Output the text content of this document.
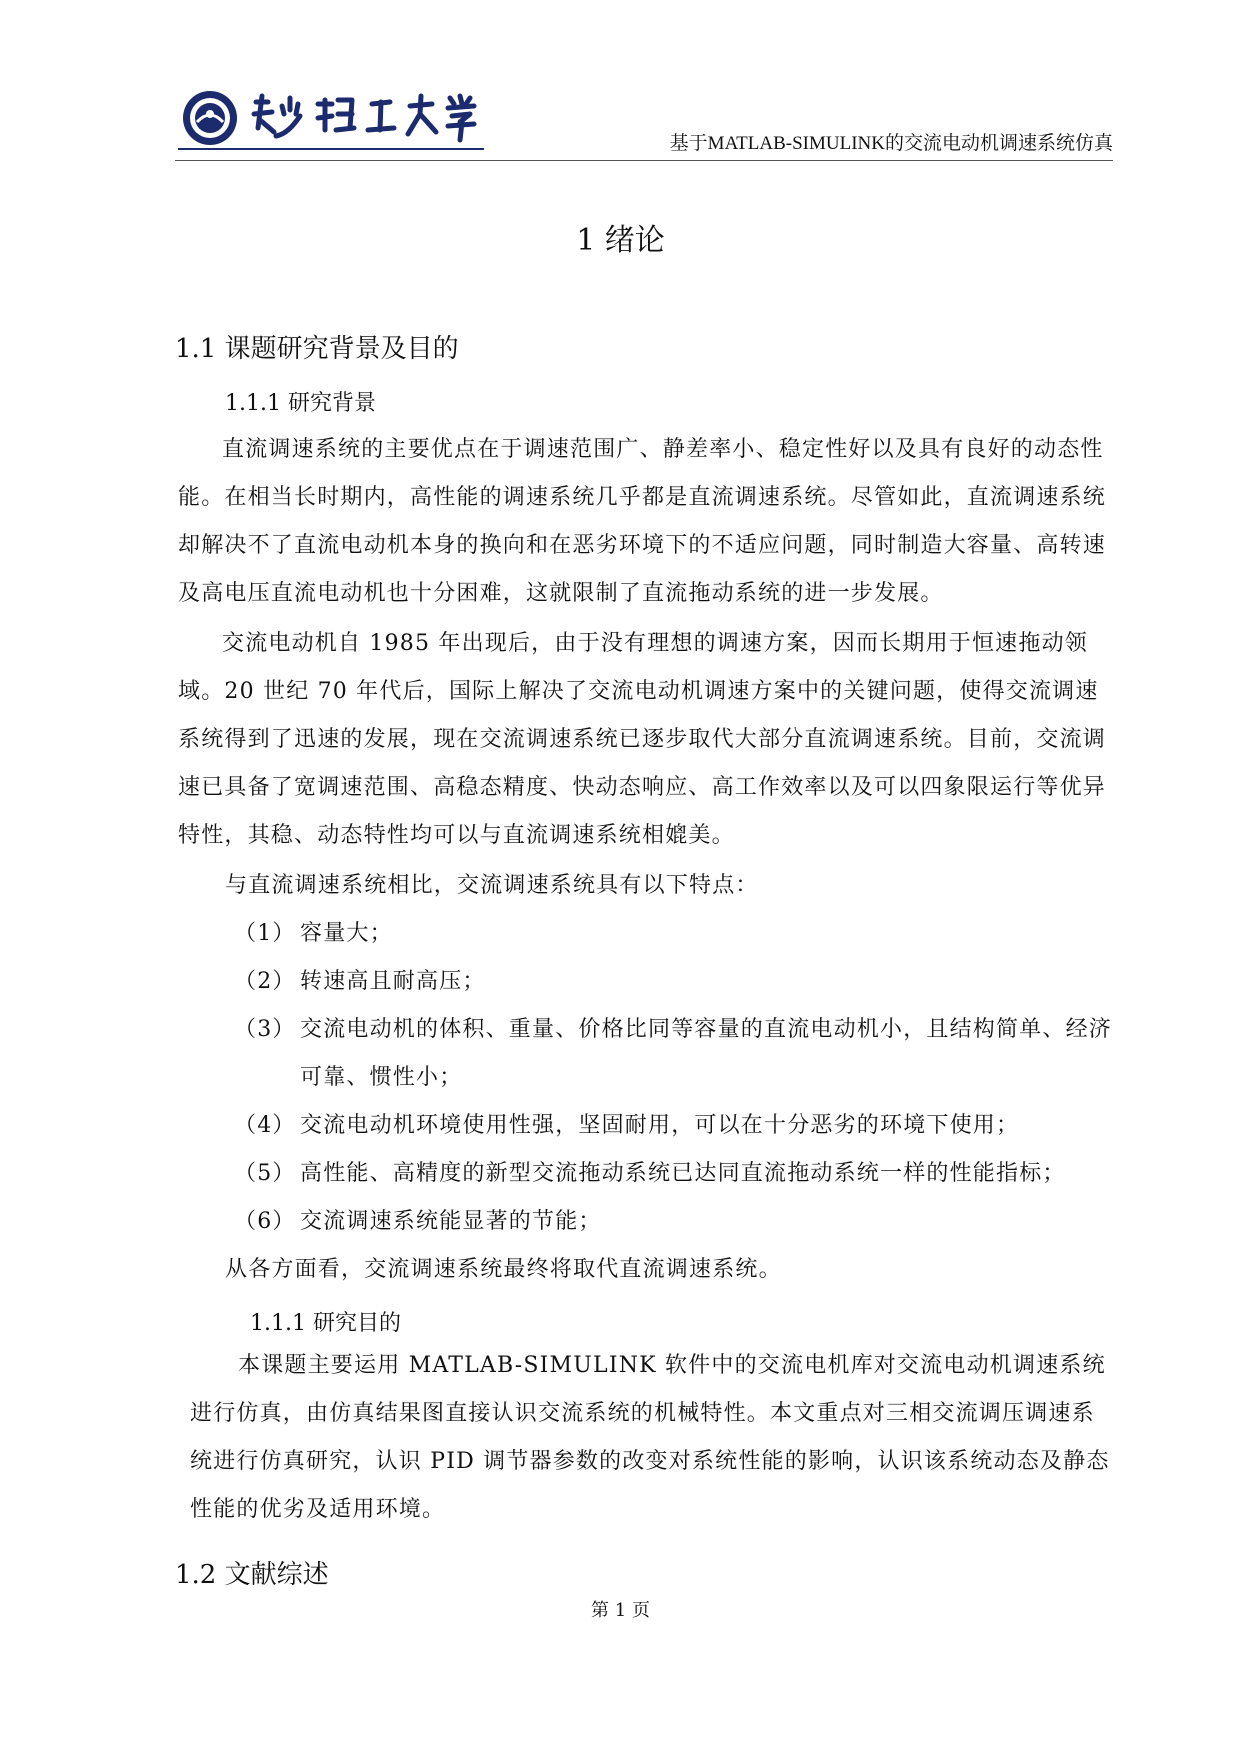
基于MATLAB-SIMULINK的交流电动机调速系统仿真
1 绪论
1.1 课题研究背景及目的
1.1.1 研究背景
直流调速系统的主要优点在于调速范围广、静差率小、稳定性好以及具有良好的动态性能。在相当长时期内，高性能的调速系统几乎都是直流调速系统。尽管如此，直流调速系统却解决不了直流电动机本身的换向和在恶劣环境下的不适应问题，同时制造大容量、高转速及高电压直流电动机也十分困难，这就限制了直流拖动系统的进一步发展。
交流电动机自 1985 年出现后，由于没有理想的调速方案，因而长期用于恒速拖动领域。20 世纪 70 年代后，国际上解决了交流电动机调速方案中的关键问题，使得交流调速系统得到了迅速的发展，现在交流调速系统已逐步取代大部分直流调速系统。目前，交流调速已具备了宽调速范围、高稳态精度、快动态响应、高工作效率以及可以四象限运行等优异特性，其稳、动态特性均可以与直流调速系统相媲美。
与直流调速系统相比，交流调速系统具有以下特点：
（1） 容量大；
（2） 转速高且耐高压；
（3） 交流电动机的体积、重量、价格比同等容量的直流电动机小，且结构简单、经济可靠、惯性小；
（4） 交流电动机环境使用性强，坚固耐用，可以在十分恶劣的环境下使用；
（5） 高性能、高精度的新型交流拖动系统已达同直流拖动系统一样的性能指标；
（6） 交流调速系统能显著的节能；
从各方面看，交流调速系统最终将取代直流调速系统。
1.1.1 研究目的
本课题主要运用 MATLAB-SIMULINK 软件中的交流电机库对交流电动机调速系统进行仿真，由仿真结果图直接认识交流系统的机械特性。本文重点对三相交流调压调速系统进行仿真研究，认识 PID 调节器参数的改变对系统性能的影响，认识该系统动态及静态性能的优劣及适用环境。
1.2 文献综述
第 1 页
